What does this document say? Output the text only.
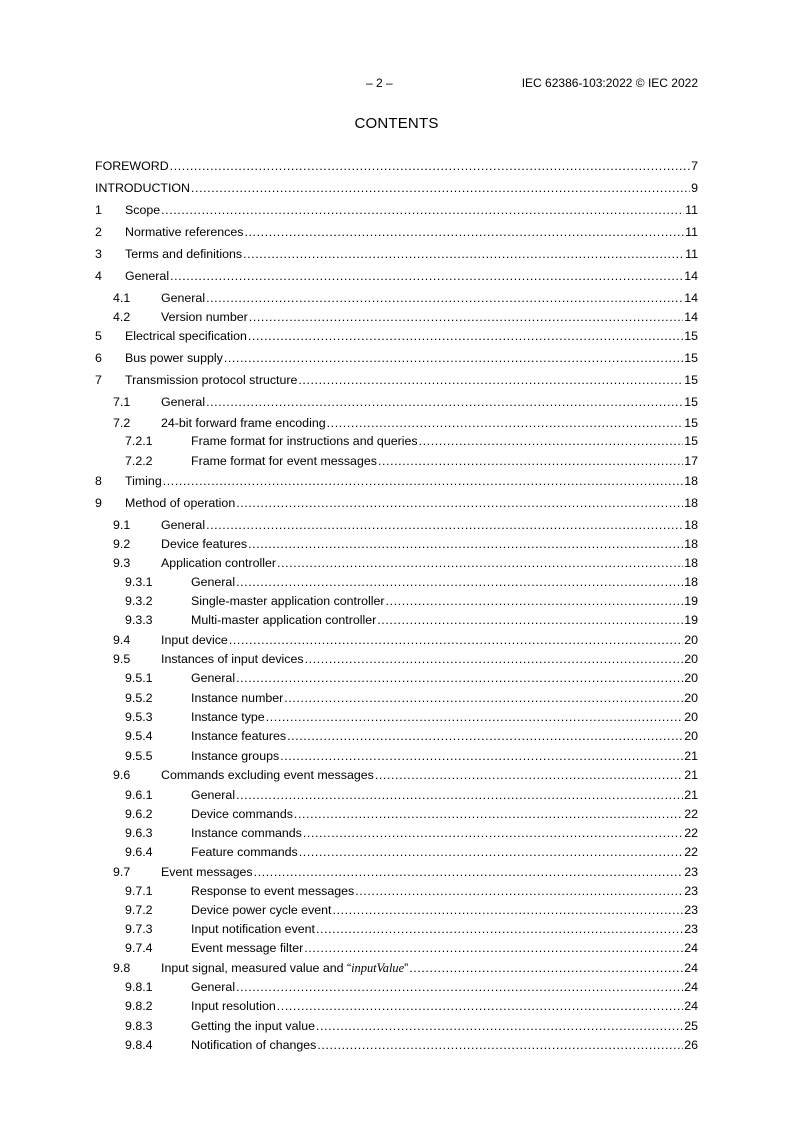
– 2 –	IEC 62386-103:2022 © IEC 2022
CONTENTS
FOREWORD .....	7
INTRODUCTION .....	9
1 Scope .....	11
2 Normative references .....	11
3 Terms and definitions .....	11
4 General .....	14
4.1 General .....	14
4.2 Version number .....	14
5 Electrical specification .....	15
6 Bus power supply .....	15
7 Transmission protocol structure .....	15
7.1 General .....	15
7.2 24-bit forward frame encoding .....	15
7.2.1	Frame format for instructions and queries .....	15
7.2.2	Frame format for event messages .....	17
8 Timing .....	18
9 Method of operation .....	18
9.1 General .....	18
9.2 Device features .....	18
9.3 Application controller .....	18
9.3.1	General .....	18
9.3.2	Single-master application controller .....	19
9.3.3	Multi-master application controller .....	19
9.4 Input device .....	20
9.5 Instances of input devices .....	20
9.5.1	General .....	20
9.5.2	Instance number .....	20
9.5.3	Instance type .....	20
9.5.4	Instance features .....	20
9.5.5	Instance groups .....	21
9.6 Commands excluding event messages .....	21
9.6.1	General .....	21
9.6.2	Device commands .....	22
9.6.3	Instance commands .....	22
9.6.4	Feature commands .....	22
9.7 Event messages .....	23
9.7.1	Response to event messages .....	23
9.7.2	Device power cycle event .....	23
9.7.3	Input notification event .....	23
9.7.4	Event message filter .....	24
9.8 Input signal, measured value and “inputValue” .....	24
9.8.1	General .....	24
9.8.2	Input resolution .....	24
9.8.3	Getting the input value .....	25
9.8.4	Notification of changes .....	26
